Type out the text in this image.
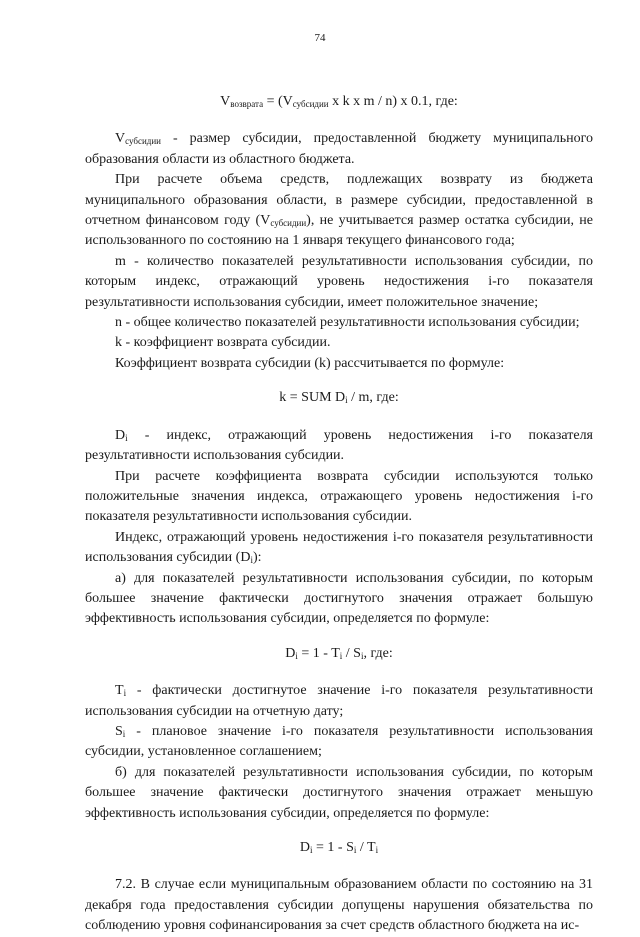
74

$V_{возврата} = (V_{субсидии}$ x k x m / n) x 0.1, где:

$V_{субсидии}$ - размер субсидии, предоставленной бюджету муниципального образования области из областного бюджета.

При расчете объема средств, подлежащих возврату из бюджета муниципального образования области, в размере субсидии, предоставленной в отчетном финансовом году $(V_{субсидии})$, не учитывается размер остатка субсидии, не использованного по состоянию на 1 января текущего финансового года;

m - количество показателей результативности использования субсидии, по которым индекс, отражающий уровень недостижения i-го показателя результативности использования субсидии, имеет положительное значение;

n - общее количество показателей результативности использования субсидии;

k - коэффициент возврата субсидии.

Коэффициент возврата субсидии (k) рассчитывается по формуле:

k = SUM $D_i$ / m, где:

$D_i$ - индекс, отражающий уровень недостижения i-го показателя результативности использования субсидии.

При расчете коэффициента возврата субсидии используются только положительные значения индекса, отражающего уровень недостижения i-го показателя результативности использования субсидии.

Индекс, отражающий уровень недостижения i-го показателя результативности использования субсидии $(D_i)$:

а) для показателей результативности использования субсидии, по которым большее значение фактически достигнутого значения отражает большую эффективность использования субсидии, определяется по формуле:

$D_i = 1 - T_i / S_i$, где:

$T_i$ - фактически достигнутое значение i-го показателя результативности использования субсидии на отчетную дату;

$S_i$ - плановое значение i-го показателя результативности использования субсидии, установленное соглашением;

б) для показателей результативности использования субсидии, по которым большее значение фактически достигнутого значения отражает меньшую эффективность использования субсидии, определяется по формуле:

$D_i = 1 - S_i / T_i$

7.2. В случае если муниципальным образованием области по состоянию на 31 декабря года предоставления субсидии допущены нарушения обязательства по соблюдению уровня софинансирования за счет средств областного бюджета на ис-
